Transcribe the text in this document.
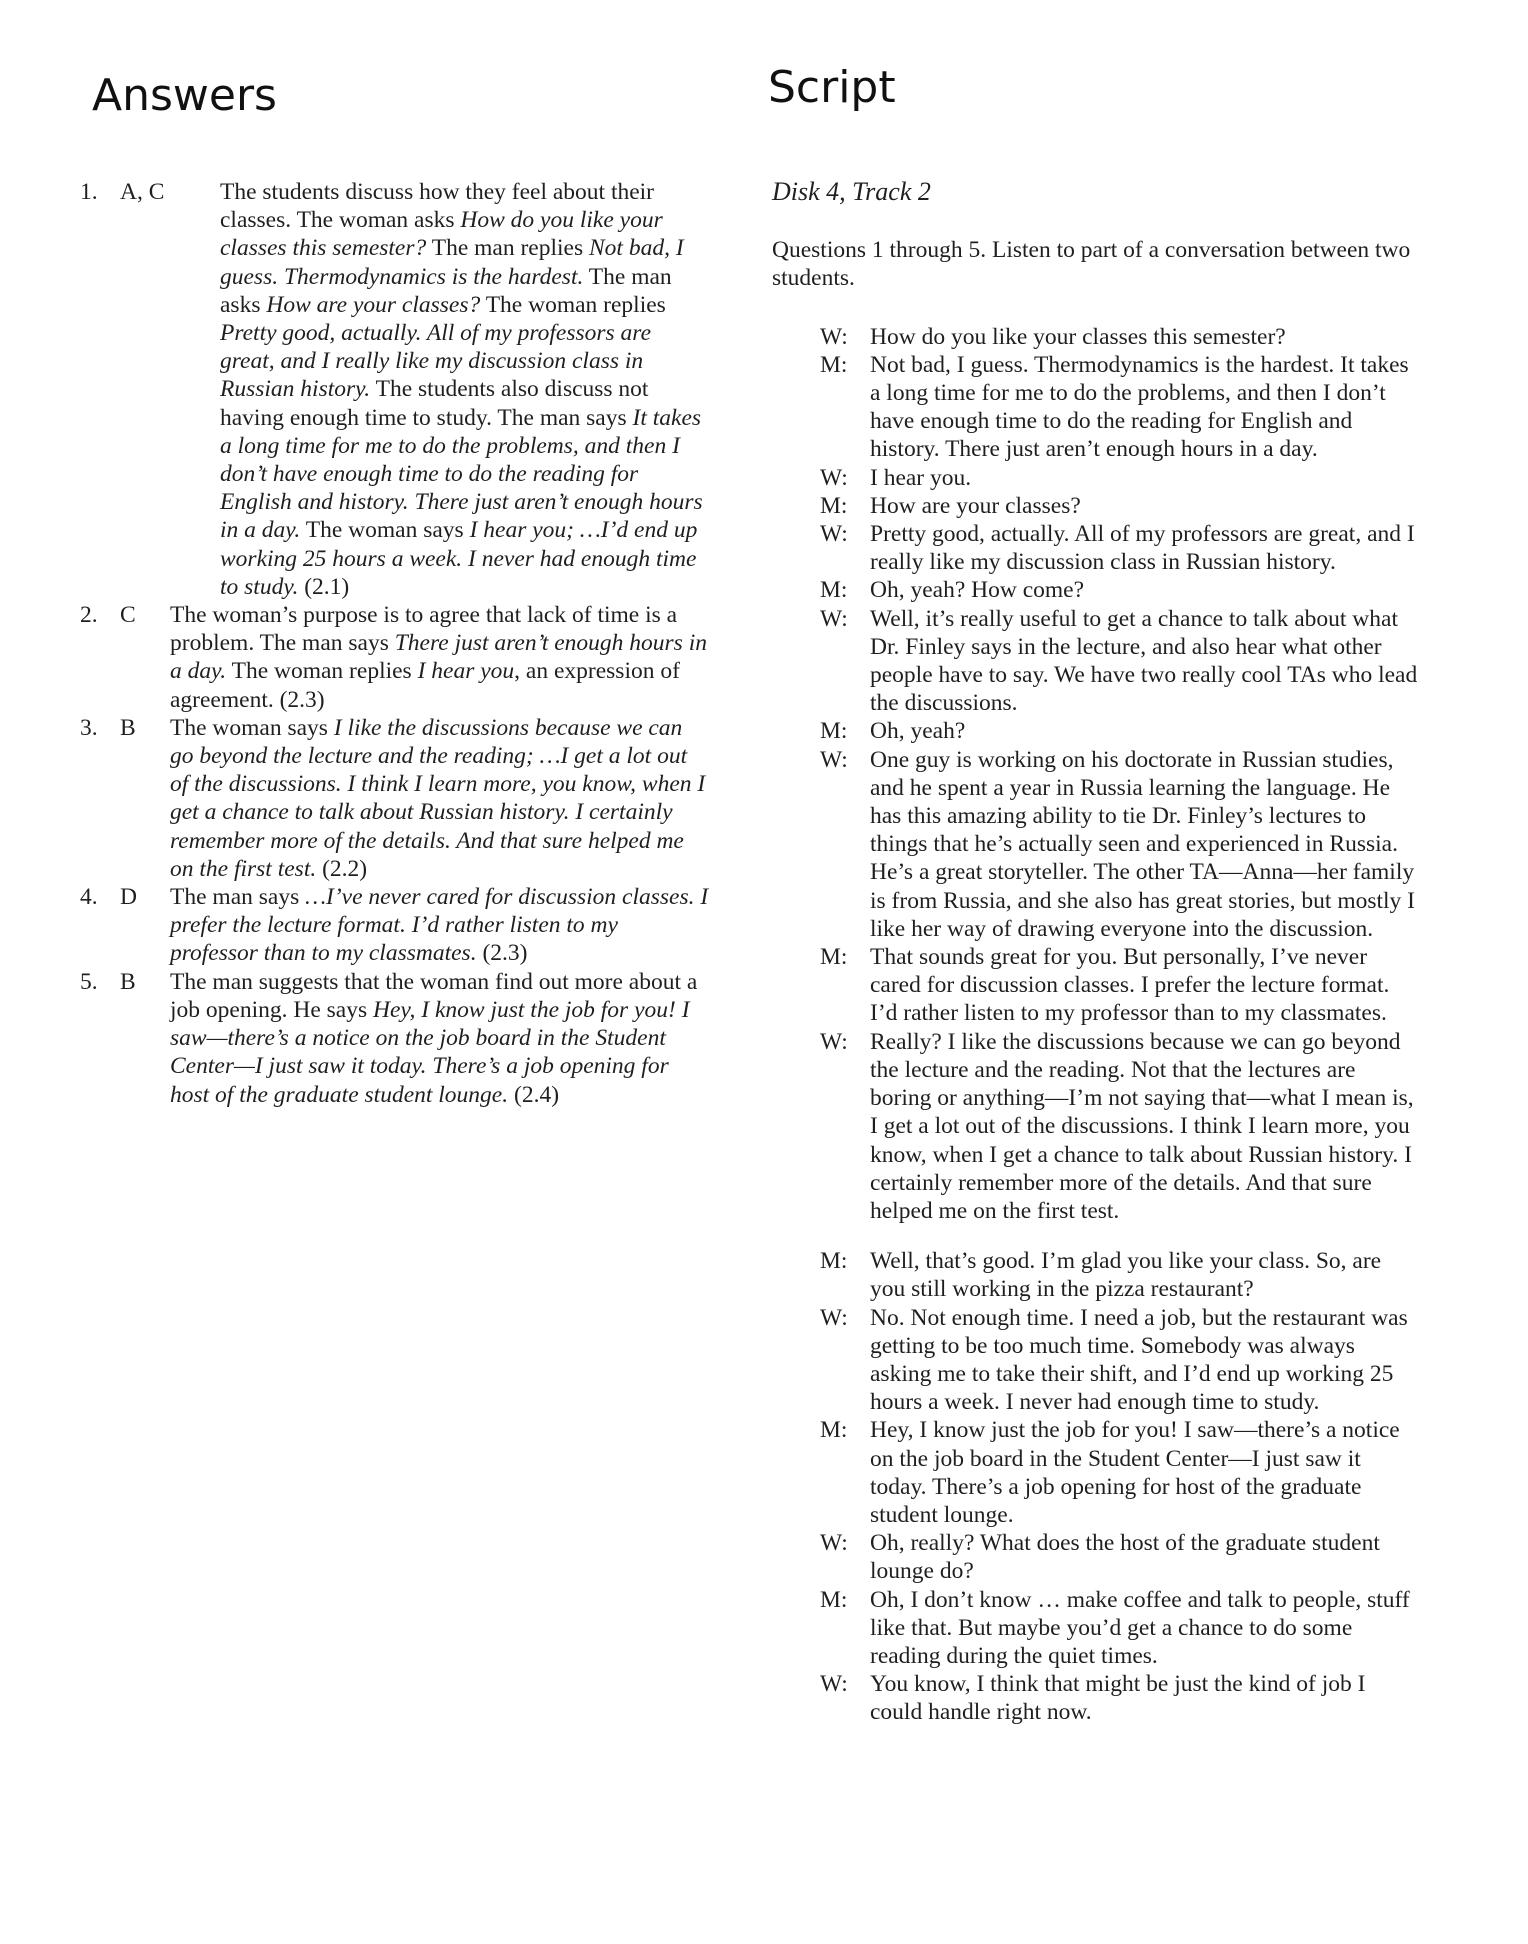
Answers	Script
1. A, C	The students discuss how they feel about their classes. The woman asks How do you like your classes this semester? The man replies Not bad, I guess. Thermodynamics is the hardest. The man asks How are your classes? The woman replies Pretty good, actually. All of my professors are great, and I really like my discussion class in Russian history. The students also discuss not having enough time to study. The man says It takes a long time for me to do the problems, and then I don’t have enough time to do the reading for English and history. There just aren’t enough hours in a day. The woman says I hear you; …I’d end up working 25 hours a week. I never had enough time to study. (2.1)
2. C	The woman’s purpose is to agree that lack of time is a problem. The man says There just aren’t enough hours in a day. The woman replies I hear you, an expression of agreement. (2.3)
3. B	The woman says I like the discussions because we can go beyond the lecture and the reading; …I get a lot out of the discussions. I think I learn more, you know, when I get a chance to talk about Russian history. I certainly remember more of the details. And that sure helped me on the first test. (2.2)
4. D	The man says …I’ve never cared for discussion classes. I prefer the lecture format. I’d rather listen to my professor than to my classmates. (2.3)
5. B	The man suggests that the woman find out more about a job opening. He says Hey, I know just the job for you! I saw—there’s a notice on the job board in the Student Center—I just saw it today. There’s a job opening for host of the graduate student lounge. (2.4)

Disk 4, Track 2

Questions 1 through 5. Listen to part of a conversation between two students.

W: How do you like your classes this semester?
M: Not bad, I guess. Thermodynamics is the hardest. It takes a long time for me to do the problems, and then I don’t have enough time to do the reading for English and history. There just aren’t enough hours in a day.
W: I hear you.
M: How are your classes?
W: Pretty good, actually. All of my professors are great, and I really like my discussion class in Russian history.
M: Oh, yeah? How come?
W: Well, it’s really useful to get a chance to talk about what Dr. Finley says in the lecture, and also hear what other people have to say. We have two really cool TAs who lead the discussions.
M: Oh, yeah?
W: One guy is working on his doctorate in Russian studies, and he spent a year in Russia learning the language. He has this amazing ability to tie Dr. Finley’s lectures to things that he’s actually seen and experienced in Russia. He’s a great storyteller. The other TA—Anna—her family is from Russia, and she also has great stories, but mostly I like her way of drawing everyone into the discussion.
M: That sounds great for you. But personally, I’ve never cared for discussion classes. I prefer the lecture format. I’d rather listen to my professor than to my classmates.
W: Really? I like the discussions because we can go beyond the lecture and the reading. Not that the lectures are boring or anything—I’m not saying that—what I mean is, I get a lot out of the discussions. I think I learn more, you know, when I get a chance to talk about Russian history. I certainly remember more of the details. And that sure helped me on the first test.
M: Well, that’s good. I’m glad you like your class. So, are you still working in the pizza restaurant?
W: No. Not enough time. I need a job, but the restaurant was getting to be too much time. Somebody was always asking me to take their shift, and I’d end up working 25 hours a week. I never had enough time to study.
M: Hey, I know just the job for you! I saw—there’s a notice on the job board in the Student Center—I just saw it today. There’s a job opening for host of the graduate student lounge.
W: Oh, really? What does the host of the graduate student lounge do?
M: Oh, I don’t know … make coffee and talk to people, stuff like that. But maybe you’d get a chance to do some reading during the quiet times.
W: You know, I think that might be just the kind of job I could handle right now.
